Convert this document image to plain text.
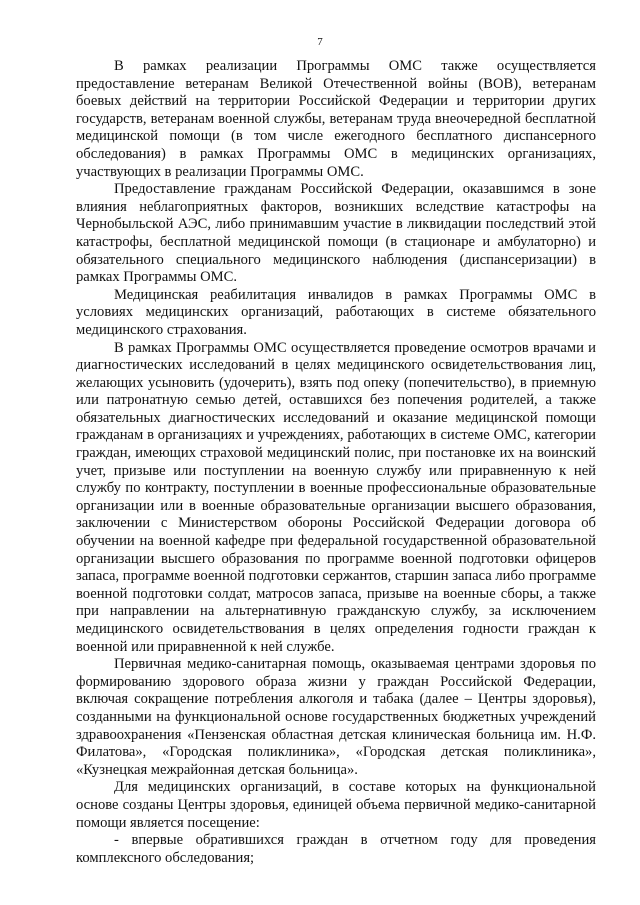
7

В рамках реализации Программы ОМС также осуществляется предоставление ветеранам Великой Отечественной войны (ВОВ), ветеранам боевых действий на территории Российской Федерации и территории других государств, ветеранам военной службы, ветеранам труда внеочередной бесплатной медицинской помощи (в том числе ежегодного бесплатного диспансерного обследования) в рамках Программы ОМС в медицинских организациях, участвующих в реализации Программы ОМС.

Предоставление гражданам Российской Федерации, оказавшимся в зоне влияния неблагоприятных факторов, возникших вследствие катастрофы на Чернобыльской АЭС, либо принимавшим участие в ликвидации последствий этой катастрофы, бесплатной медицинской помощи (в стационаре и амбулаторно) и обязательного специального медицинского наблюдения (диспансеризации) в рамках Программы ОМС.

Медицинская реабилитация инвалидов в рамках Программы ОМС в условиях медицинских организаций, работающих в системе обязательного медицинского страхования.

В рамках Программы ОМС осуществляется проведение осмотров врачами и диагностических исследований в целях медицинского освидетельствования лиц, желающих усыновить (удочерить), взять под опеку (попечительство), в приемную или патронатную семью детей, оставшихся без попечения родителей, а также обязательных диагностических исследований и оказание медицинской помощи гражданам в организациях и учреждениях, работающих в системе ОМС, категории граждан, имеющих страховой медицинский полис, при постановке их на воинский учет, призыве или поступлении на военную службу или приравненную к ней службу по контракту, поступлении в военные профессиональные образовательные организации или в военные образовательные организации высшего образования, заключении с Министерством обороны Российской Федерации договора об обучении на военной кафедре при федеральной государственной образовательной организации высшего образования по программе военной подготовки офицеров запаса, программе военной подготовки сержантов, старшин запаса либо программе военной подготовки солдат, матросов запаса, призыве на военные сборы, а также при направлении на альтернативную гражданскую службу, за исключением медицинского освидетельствования в целях определения годности граждан к военной или приравненной к ней службе.

Первичная медико-санитарная помощь, оказываемая центрами здоровья по формированию здорового образа жизни у граждан Российской Федерации, включая сокращение потребления алкоголя и табака (далее – Центры здоровья), созданными на функциональной основе государственных бюджетных учреждений здравоохранения «Пензенская областная детская клиническая больница им. Н.Ф. Филатова», «Городская поликлиника», «Городская детская поликлиника», «Кузнецкая межрайонная детская больница».

Для медицинских организаций, в составе которых на функциональной основе созданы Центры здоровья, единицей объема первичной медико-санитарной помощи является посещение:

- впервые обратившихся граждан в отчетном году для проведения комплексного обследования;
